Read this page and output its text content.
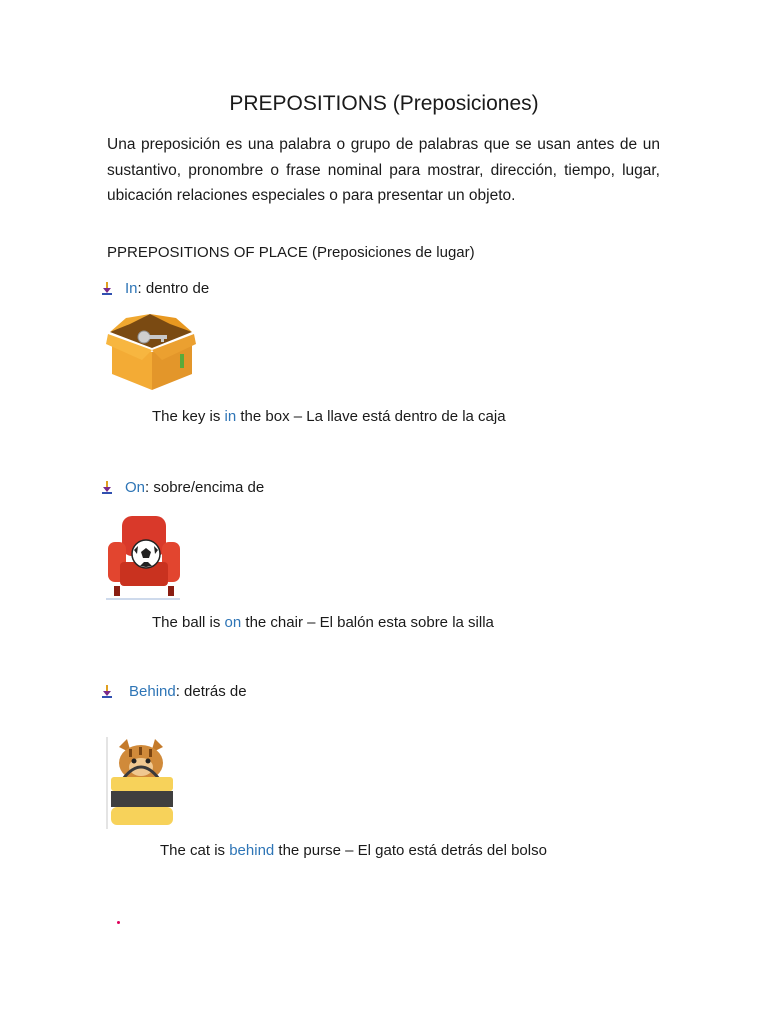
PREPOSITIONS (Preposiciones)
Una preposición es una palabra o grupo de palabras que se usan antes de un sustantivo, pronombre o frase nominal para mostrar, dirección, tiempo, lugar, ubicación relaciones especiales o para presentar un objeto.
PPREPOSITIONS OF PLACE (Preposiciones de lugar)
In : dentro de
The key is in the box – La llave está dentro de la caja
On : sobre/encima de
The ball is on the chair – El balón esta sobre la silla
Behind : detrás de
The cat is behind the purse – El gato está detrás del bolso
